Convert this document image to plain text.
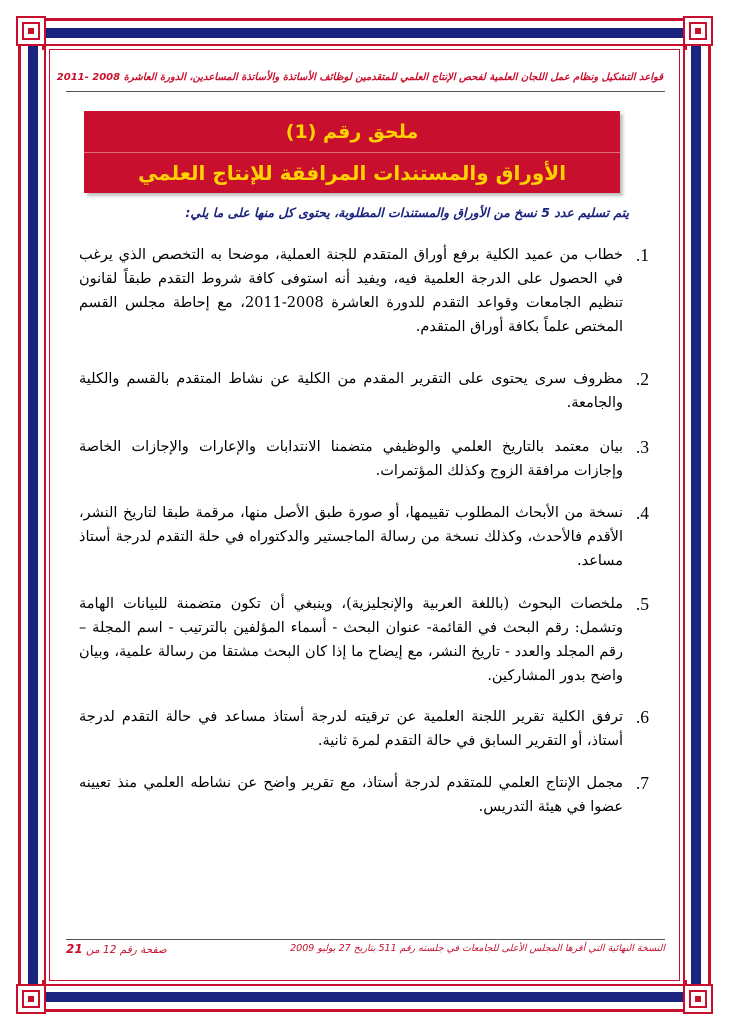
قواعد التشكيل ونظام عمل اللجان العلمية لفحص الإنتاج العلمي للمتقدمين لوظائف الأساتذة والأساتذة المساعدين، الدورة العاشرة 2008 -2011
ملحق رقم (1)
الأوراق والمستندات المرافقة للإنتاج العلمي
يتم تسليم عدد 5 نسخ من الأوراق والمستندات المطلوبة، يحتوى كل منها على ما يلي:
1.
خطاب من عميد الكلية برفع أوراق المتقدم للجنة العملية، موضحا به التخصص الذي يرغب في الحصول على الدرجة العلمية فيه، ويفيد أنه استوفى كافة شروط التقدم طبقاً لقانون تنظيم الجامعات وقواعد التقدم للدورة العاشرة 2008-2011، مع إحاطة مجلس القسم المختص علماً بكافة أوراق المتقدم.
2.
مظروف سرى يحتوى على التقرير المقدم من الكلية عن نشاط المتقدم بالقسم والكلية والجامعة.
3.
بيان معتمد بالتاريخ العلمي والوظيفي متضمنا الانتدابات والإعارات والإجازات الخاصة وإجازات مرافقة الزوج وكذلك المؤتمرات.
4.
نسخة من الأبحاث المطلوب تقييمها، أو صورة طبق الأصل منها، مرقمة طبقا لتاريخ النشر، الأقدم فالأحدث، وكذلك نسخة من رسالة الماجستير والدكتوراه في حلة التقدم لدرجة أستاذ مساعد.
5.
ملخصات البحوث (باللغة العربية والإنجليزية)، وينبغي أن تكون متضمنة للبيانات الهامة وتشمل: رقم البحث في القائمة- عنوان البحث - أسماء المؤلفين بالترتيب - اسم المجلة – رقم المجلد والعدد - تاريخ النشر، مع إيضاح ما إذا كان البحث مشتقا من رسالة علمية، وبيان واضح بدور المشاركين.
6.
ترفق الكلية تقرير اللجنة العلمية عن ترقيته لدرجة أستاذ مساعد في حالة التقدم لدرجة أستاذ، أو التقرير السابق في حالة التقدم لمرة ثانية.
7.
مجمل الإنتاج العلمي للمتقدم لدرجة أستاذ، مع تقرير واضح عن نشاطه العلمي منذ تعيينه عضوا في هيئة التدريس.
النسخة النهائية التي أقرها المجلس الأعلى للجامعات في جلسته رقم 511 بتاريخ 27 يوليو 2009
صفحة رقم 12 من 21
